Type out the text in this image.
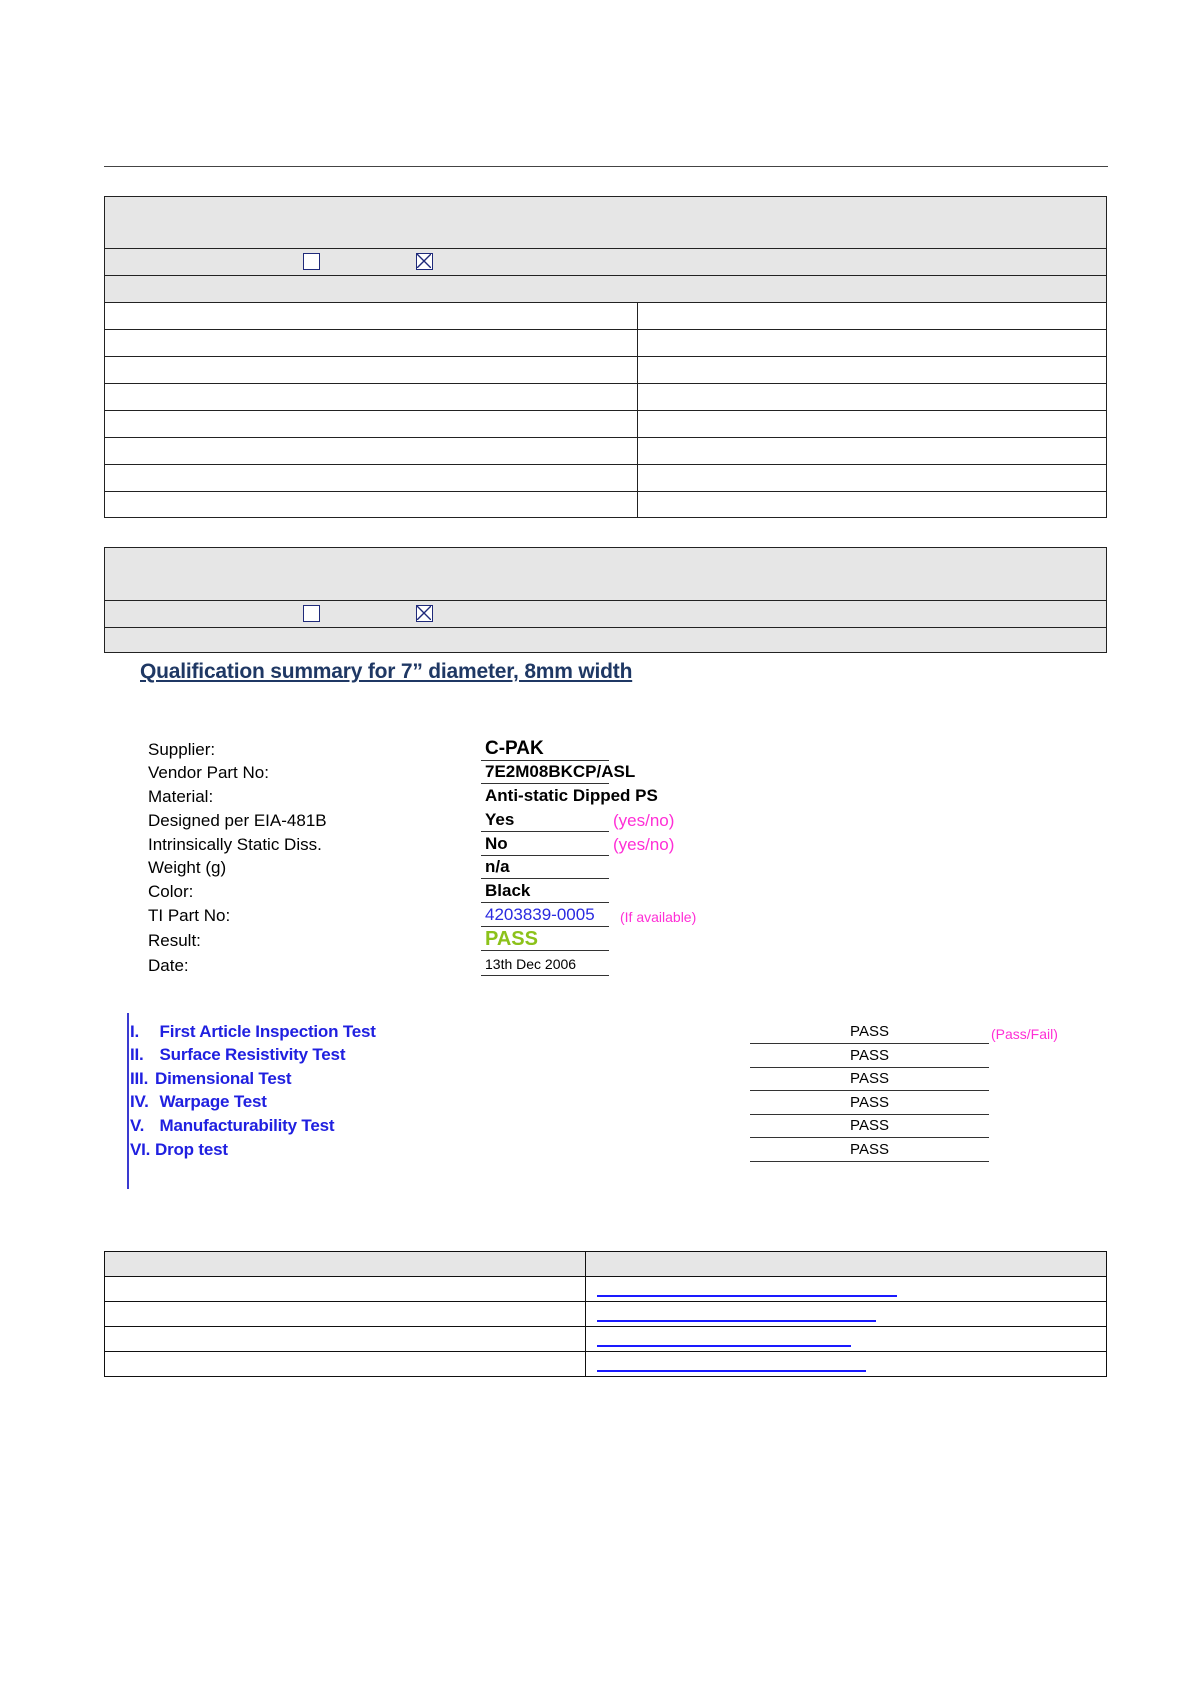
Qualification summary for 7” diameter, 8mm width
Supplier:	C-PAK
Vendor Part No:	7E2M08BKCP/ASL
Material:	Anti-static Dipped PS
Designed per EIA-481B	Yes	(yes/no)
Intrinsically Static Diss.	No	(yes/no)
Weight (g)	n/a
Color:	Black
TI Part No:	4203839-0005	(If available)
Result:	PASS
Date:	13th Dec 2006
I. First Article Inspection Test	PASS	(Pass/Fail)
II. Surface Resistivity Test	PASS
III. Dimensional Test	PASS
IV. Warpage Test	PASS
V. Manufacturability Test	PASS
VI. Drop test	PASS
